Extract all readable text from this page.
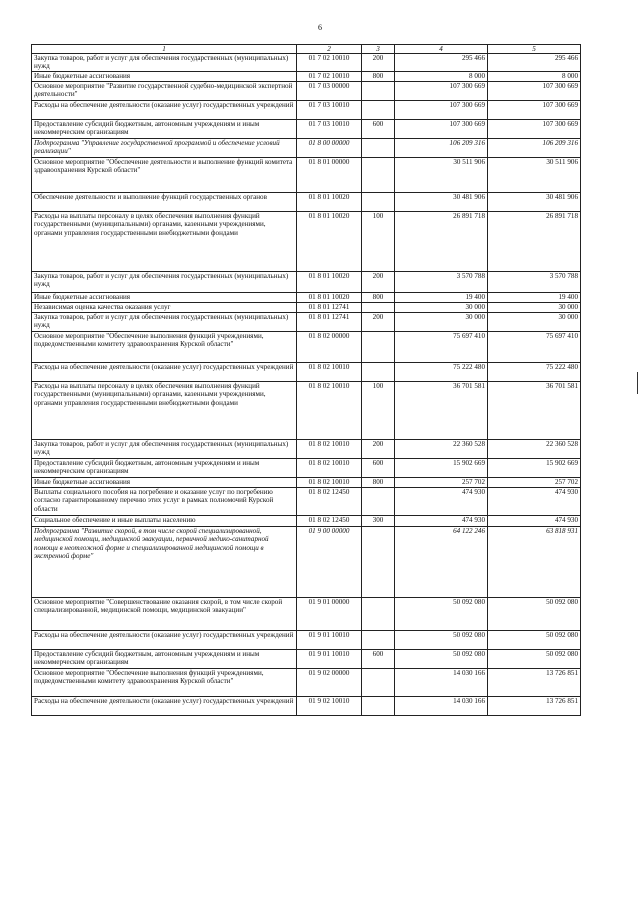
6
1	2	3	4	5
Закупка товаров, работ и услуг для обеспечения государственных (муниципальных) нужд	01 7 02 10010	200	295 466	295 466
Иные бюджетные ассигнования	01 7 02 10010	800	8 000	8 000
Основное мероприятие "Развитие государственной судебно-медицинской экспертной деятельности"	01 7 03 00000		107 300 669	107 300 669
Расходы на обеспечение деятельности (оказание услуг) государственных учреждений	01 7 03 10010		107 300 669	107 300 669
Предоставление субсидий бюджетным, автономным учреждениям и иным некоммерческим организациям	01 7 03 10010	600	107 300 669	107 300 669
Подпрограмма "Управление государственной программой и обеспечение условий реализации"	01 8 00 00000		106 209 316	106 209 316
Основное мероприятие "Обеспечение деятельности и выполнение функций комитета здравоохранения Курской области"	01 8 01 00000		30 511 906	30 511 906
Обеспечение деятельности и выполнение функций государственных органов	01 8 01 10020		30 481 906	30 481 906
Расходы на выплаты персоналу в целях обеспечения выполнения функций государственными (муниципальными) органами, казенными учреждениями, органами управления государственными внебюджетными фондами	01 8 01 10020	100	26 891 718	26 891 718
Закупка товаров, работ и услуг для обеспечения государственных (муниципальных) нужд	01 8 01 10020	200	3 570 788	3 570 788
Иные бюджетные ассигнования	01 8 01 10020	800	19 400	19 400
Независимая оценка качества оказания услуг	01 8 01 12741		30 000	30 000
Закупка товаров, работ и услуг для обеспечения государственных (муниципальных) нужд	01 8 01 12741	200	30 000	30 000
Основное мероприятие "Обеспечение выполнения функций учреждениями, подведомственными комитету здравоохранения Курской области"	01 8 02 00000		75 697 410	75 697 410
Расходы на обеспечение деятельности (оказание услуг) государственных учреждений	01 8 02 10010		75 222 480	75 222 480
Расходы на выплаты персоналу в целях обеспечения выполнения функций государственными (муниципальными) органами, казенными учреждениями, органами управления государственными внебюджетными фондами	01 8 02 10010	100	36 701 581	36 701 581
Закупка товаров, работ и услуг для обеспечения государственных (муниципальных) нужд	01 8 02 10010	200	22 360 528	22 360 528
Предоставление субсидий бюджетным, автономным учреждениям и иным некоммерческим организациям	01 8 02 10010	600	15 902 669	15 902 669
Иные бюджетные ассигнования	01 8 02 10010	800	257 702	257 702
Выплаты социального пособия на погребение и оказание услуг по погребению согласно гарантированному перечню этих услуг в рамках полномочий Курской области	01 8 02 12450		474 930	474 930
Социальное обеспечение и иные выплаты населению	01 8 02 12450	300	474 930	474 930
Подпрограмма "Развитие скорой, в том числе скорой специализированной, медицинской помощи, медицинской эвакуации, первичной медико-санитарной помощи в неотложной форме и специализированной медицинской помощи в экстренной форме"	01 9 00 00000		64 122 246	63 818 931
Основное мероприятие "Совершенствование оказания скорой, в том числе скорой специализированной, медицинской помощи, медицинской эвакуации"	01 9 01 00000		50 092 080	50 092 080
Расходы на обеспечение деятельности (оказание услуг) государственных учреждений	01 9 01 10010		50 092 080	50 092 080
Предоставление субсидий бюджетным, автономным учреждениям и иным некоммерческим организациям	01 9 01 10010	600	50 092 080	50 092 080
Основное мероприятие "Обеспечение выполнения функций учреждениями, подведомственными комитету здравоохранения Курской области"	01 9 02 00000		14 030 166	13 726 851
Расходы на обеспечение деятельности (оказание услуг) государственных учреждений	01 9 02 10010		14 030 166	13 726 851
